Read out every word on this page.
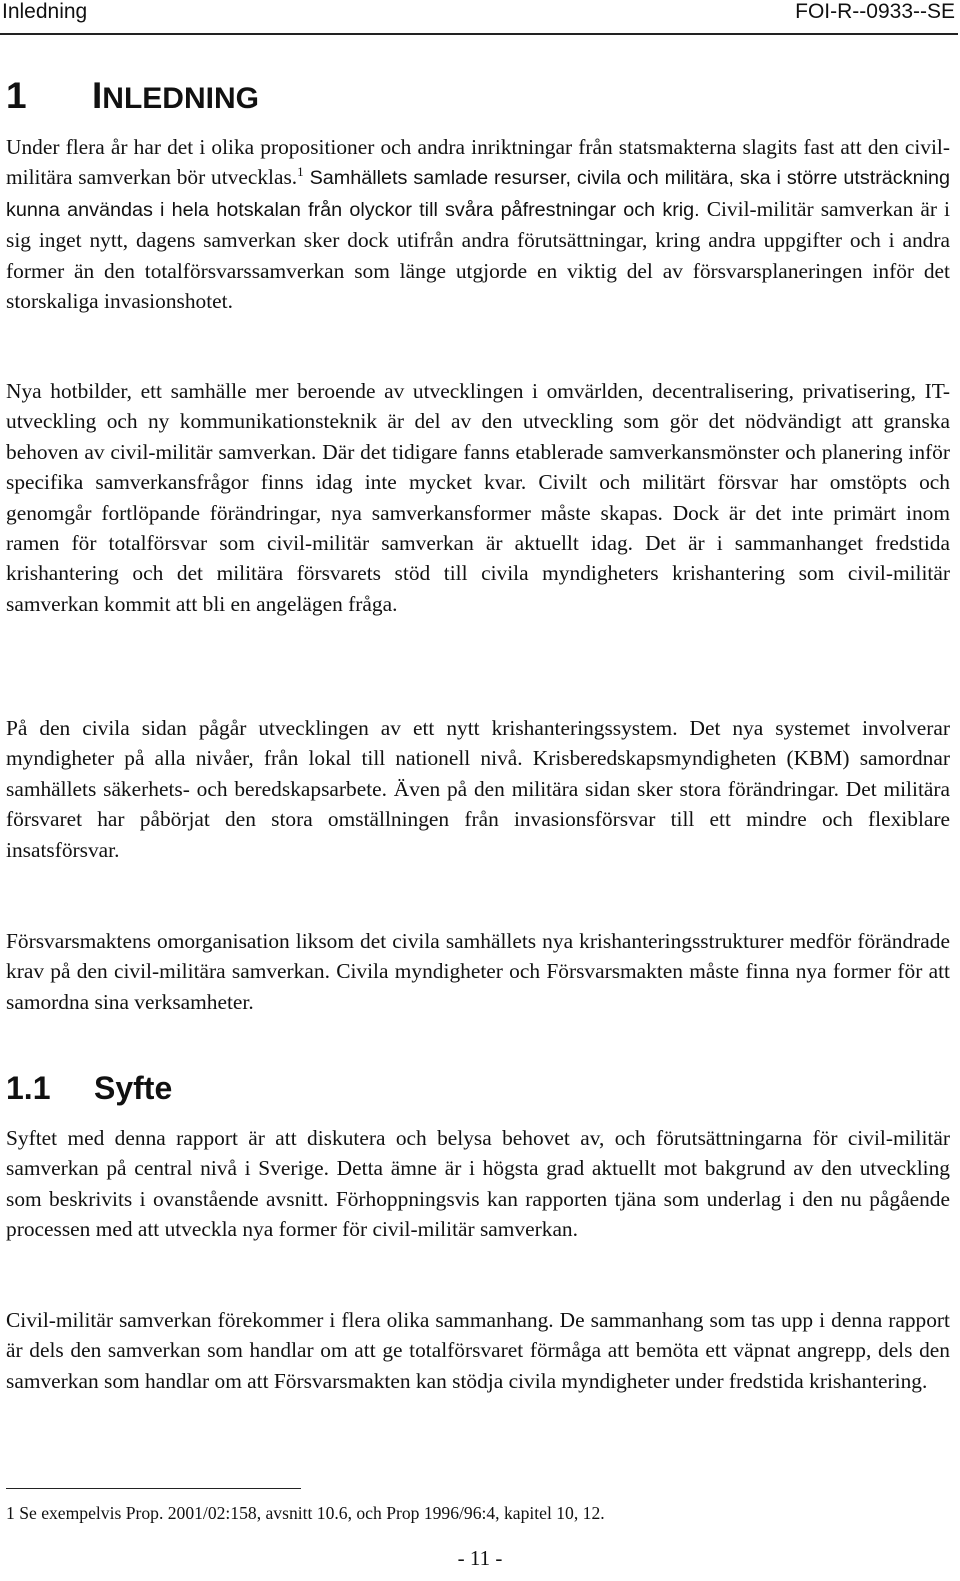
Inledning	FOI-R--0933--SE
1 INLEDNING

Under flera år har det i olika propositioner och andra inriktningar från statsmakterna slagits fast att den civil-militära samverkan bör utvecklas.$^1$ Samhällets samlade resurser, civila och militära, ska i större utsträckning kunna användas i hela hotskalan från olyckor till svåra påfrestningar och krig. Civil-militär samverkan är i sig inget nytt, dagens samverkan sker dock utifrån andra förutsättningar, kring andra uppgifter och i andra former än den totalförsvarssamverkan som länge utgjorde en viktig del av försvarsplaneringen inför det storskaliga invasionshotet.

Nya hotbilder, ett samhälle mer beroende av utvecklingen i omvärlden, decentralisering, privatisering, IT-utveckling och ny kommunikationsteknik är del av den utveckling som gör det nödvändigt att granska behoven av civil-militär samverkan. Där det tidigare fanns etablerade samverkansmönster och planering inför specifika samverkansfrågor finns idag inte mycket kvar. Civilt och militärt försvar har omstöpts och genomgår fortlöpande förändringar, nya samverkansformer måste skapas. Dock är det inte primärt inom ramen för totalförsvar som civil-militär samverkan är aktuellt idag. Det är i sammanhanget fredstida krishantering och det militära försvarets stöd till civila myndigheters krishantering som civil-militär samverkan kommit att bli en angelägen fråga.

På den civila sidan pågår utvecklingen av ett nytt krishanteringssystem. Det nya systemet involverar myndigheter på alla nivåer, från lokal till nationell nivå. Krisberedskapsmyndigheten (KBM) samordnar samhällets säkerhets- och beredskapsarbete. Även på den militära sidan sker stora förändringar. Det militära försvaret har påbörjat den stora omställningen från invasionsförsvar till ett mindre och flexiblare insatsförsvar.

Försvarsmaktens omorganisation liksom det civila samhällets nya krishanteringsstrukturer medför förändrade krav på den civil-militära samverkan. Civila myndigheter och Försvarsmakten måste finna nya former för att samordna sina verksamheter.

1.1 Syfte

Syftet med denna rapport är att diskutera och belysa behovet av, och förutsättningarna för civil-militär samverkan på central nivå i Sverige. Detta ämne är i högsta grad aktuellt mot bakgrund av den utveckling som beskrivits i ovanstående avsnitt. Förhoppningsvis kan rapporten tjäna som underlag i den nu pågående processen med att utveckla nya former för civil-militär samverkan.

Civil-militär samverkan förekommer i flera olika sammanhang. De sammanhang som tas upp i denna rapport är dels den samverkan som handlar om att ge totalförsvaret förmåga att bemöta ett väpnat angrepp, dels den samverkan som handlar om att Försvarsmakten kan stödja civila myndigheter under fredstida krishantering.

1 Se exempelvis Prop. 2001/02:158, avsnitt 10.6, och Prop 1996/96:4, kapitel 10, 12.
- 11 -
